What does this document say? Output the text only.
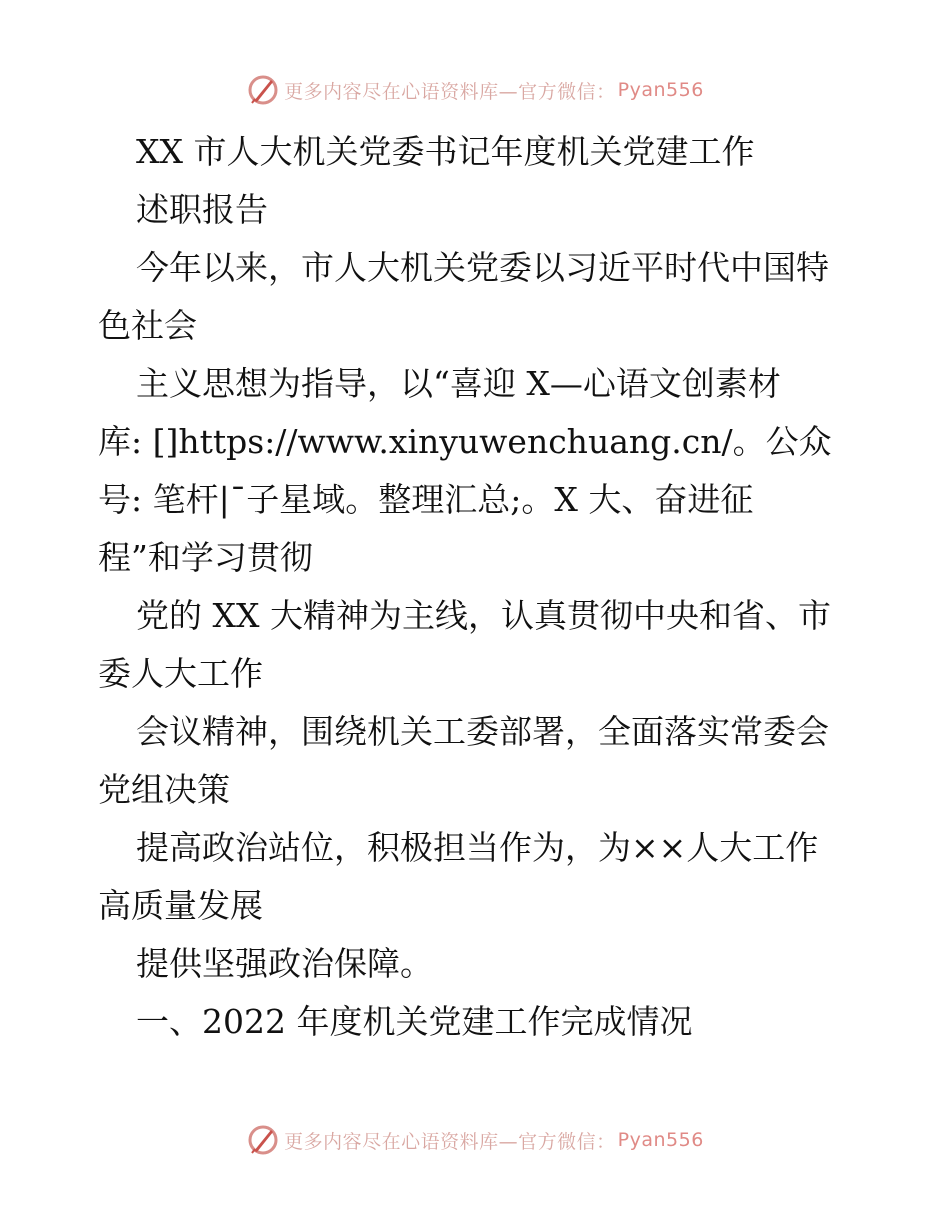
更多内容尽在心语资料库—官方微信： Pyan556

XX 市人大机关党委书记年度机关党建工作

述职报告

今年以来，市人大机关党委以习近平时代中国特

色社会

主义思想为指导，以“喜迎 X—心语文创素材

库: []https://www.xinyuwenchuang.cn/。公众

号: 笔杆|¯子星域。整理汇总;。X 大、奋进征

程”和学习贯彻

党的 XX 大精神为主线，认真贯彻中央和省、市

委人大工作

会议精神，围绕机关工委部署，全面落实常委会

党组决策

提高政治站位，积极担当作为，为××人大工作

高质量发展

提供坚强政治保障。

一、2022 年度机关党建工作完成情况

更多内容尽在心语资料库—官方微信： Pyan556
